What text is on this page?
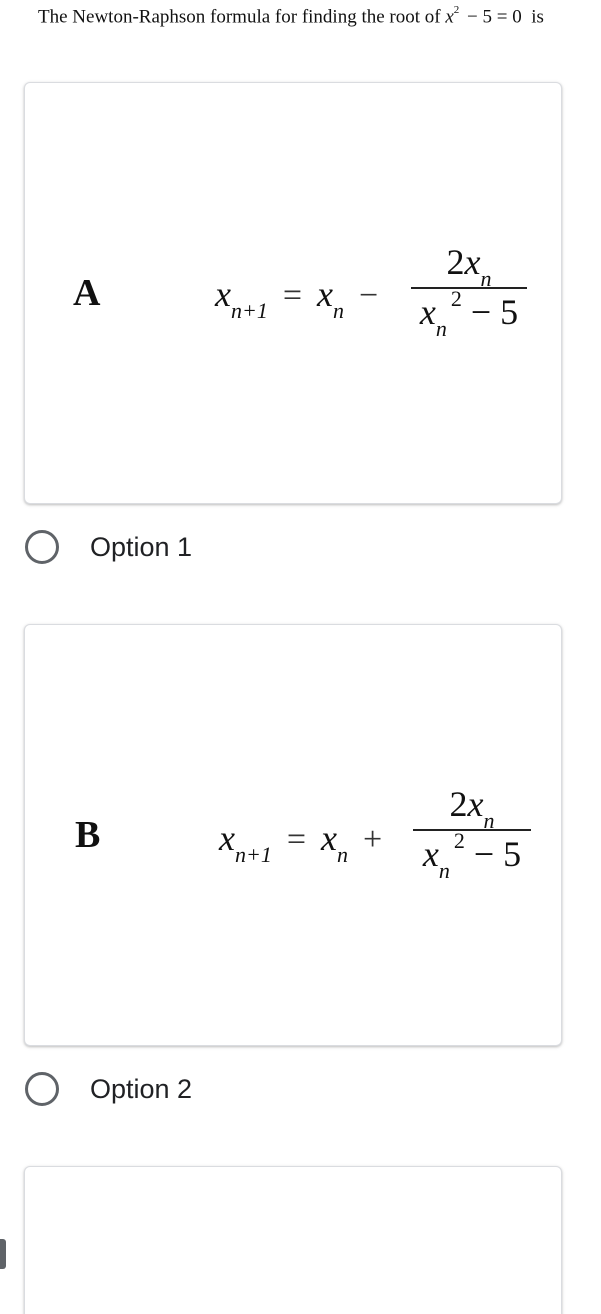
The Newton-Raphson formula for finding the root of $x^2 - 5 = 0$ is
A	$x_{n+1} = x_n$ −
$2x_n$
$x_n^2 - 5$
Option 1
B	$x_{n+1} = x_n$ +
$2x_n$
$x_n^2 - 5$
Option 2
